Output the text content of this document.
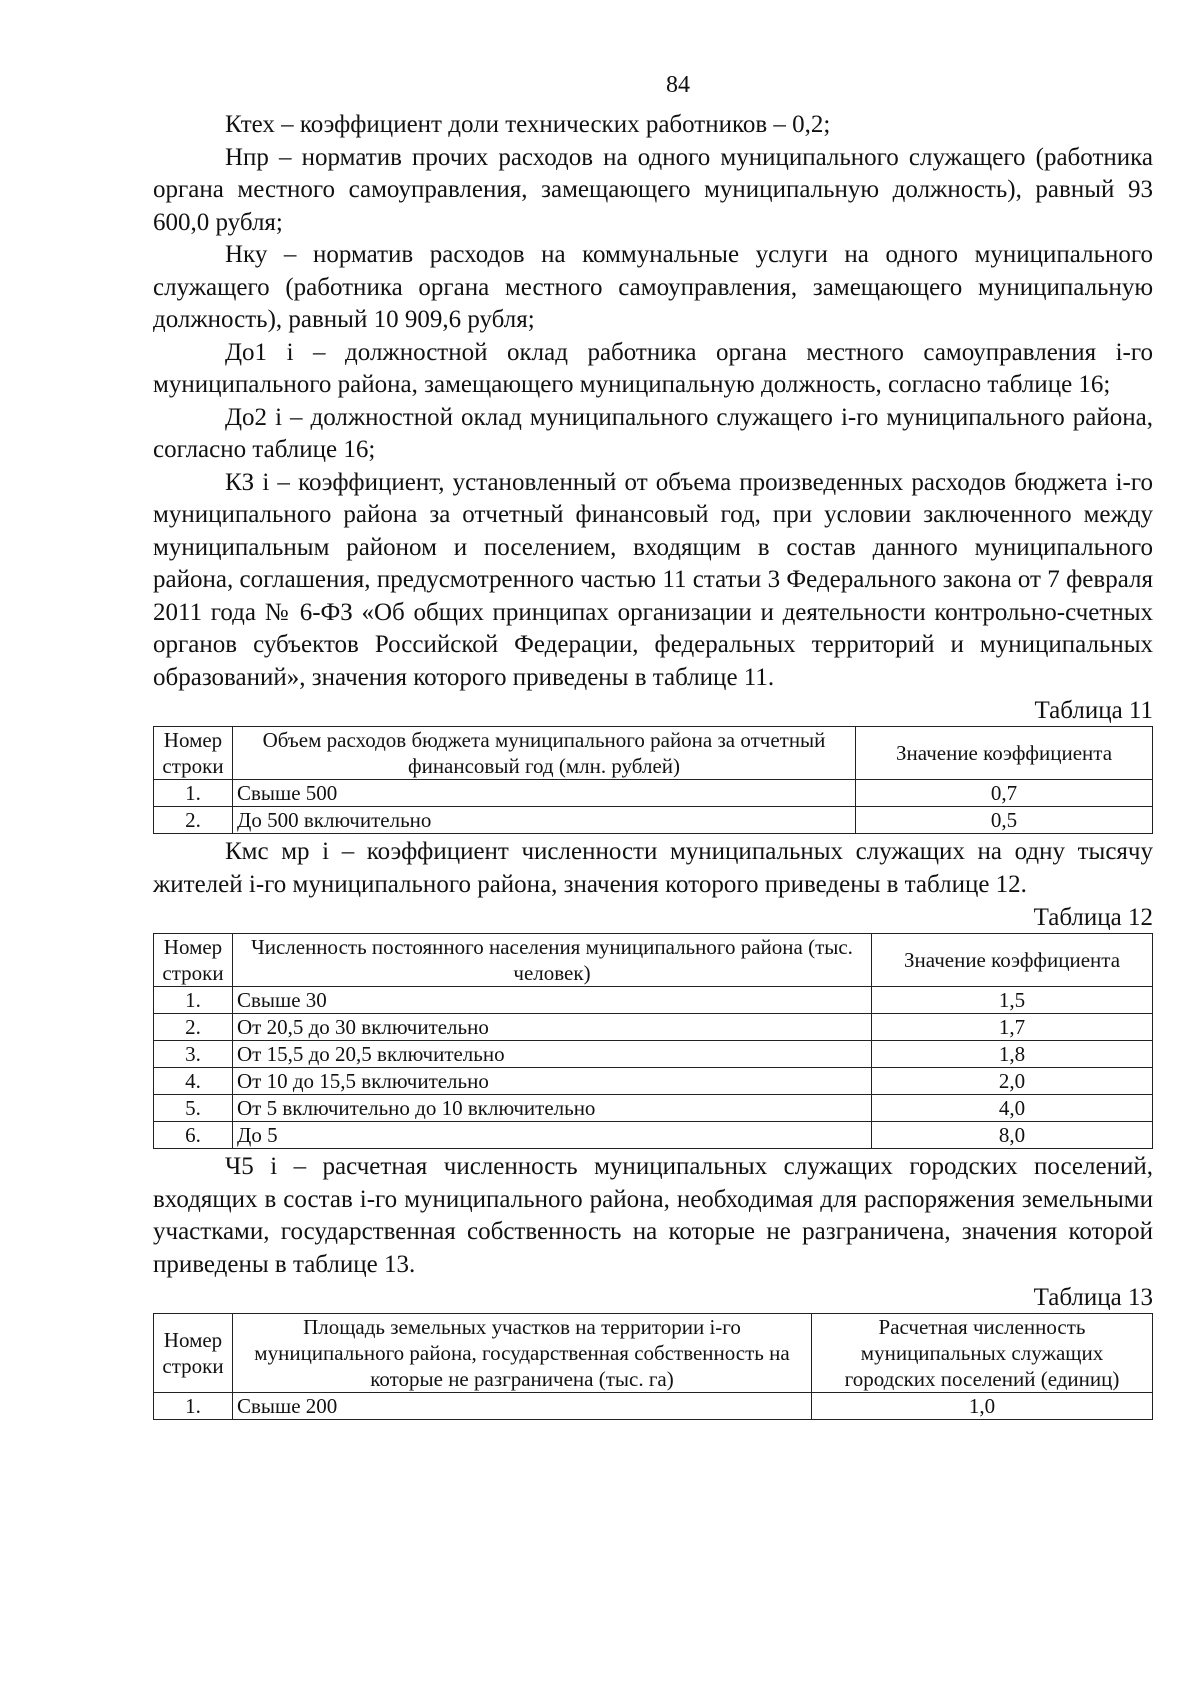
84

Ктех – коэффициент доли технических работников – 0,2;

Нпр – норматив прочих расходов на одного муниципального служащего (работника органа местного самоуправления, замещающего муниципальную должность), равный 93 600,0 рубля;

Нку – норматив расходов на коммунальные услуги на одного муниципального служащего (работника органа местного самоуправления, замещающего муниципальную должность), равный 10 909,6 рубля;

До1 i – должностной оклад работника органа местного самоуправления i-го муниципального района, замещающего муниципальную должность, согласно таблице 16;

До2 i – должностной оклад муниципального служащего i-го муниципального района, согласно таблице 16;

КЗ i – коэффициент, установленный от объема произведенных расходов бюджета i-го муниципального района за отчетный финансовый год, при условии заключенного между муниципальным районом и поселением, входящим в состав данного муниципального района, соглашения, предусмотренного частью 11 статьи 3 Федерального закона от 7 февраля 2011 года № 6-ФЗ «Об общих принципах организации и деятельности контрольно-счетных органов субъектов Российской Федерации, федеральных территорий и муниципальных образований», значения которого приведены в таблице 11.

Таблица 11
Номер строки	Объем расходов бюджета муниципального района за отчетный финансовый год (млн. рублей)	Значение коэффициента
1.	Свыше 500	0,7
2.	До 500 включительно	0,5

Кмс мр i – коэффициент численности муниципальных служащих на одну тысячу жителей i-го муниципального района, значения которого приведены в таблице 12.

Таблица 12
Номер строки	Численность постоянного населения муниципального района (тыс. человек)	Значение коэффициента
1.	Свыше 30	1,5
2.	От 20,5 до 30 включительно	1,7
3.	От 15,5 до 20,5 включительно	1,8
4.	От 10 до 15,5 включительно	2,0
5.	От 5 включительно до 10 включительно	4,0
6.	До 5	8,0

Ч5 i – расчетная численность муниципальных служащих городских поселений, входящих в состав i-го муниципального района, необходимая для распоряжения земельными участками, государственная собственность на которые не разграничена, значения которой приведены в таблице 13.

Таблица 13
Номер строки	Площадь земельных участков на территории i-го муниципального района, государственная собственность на которые не разграничена (тыс. га)	Расчетная численность муниципальных служащих городских поселений (единиц)
1.	Свыше 200	1,0
